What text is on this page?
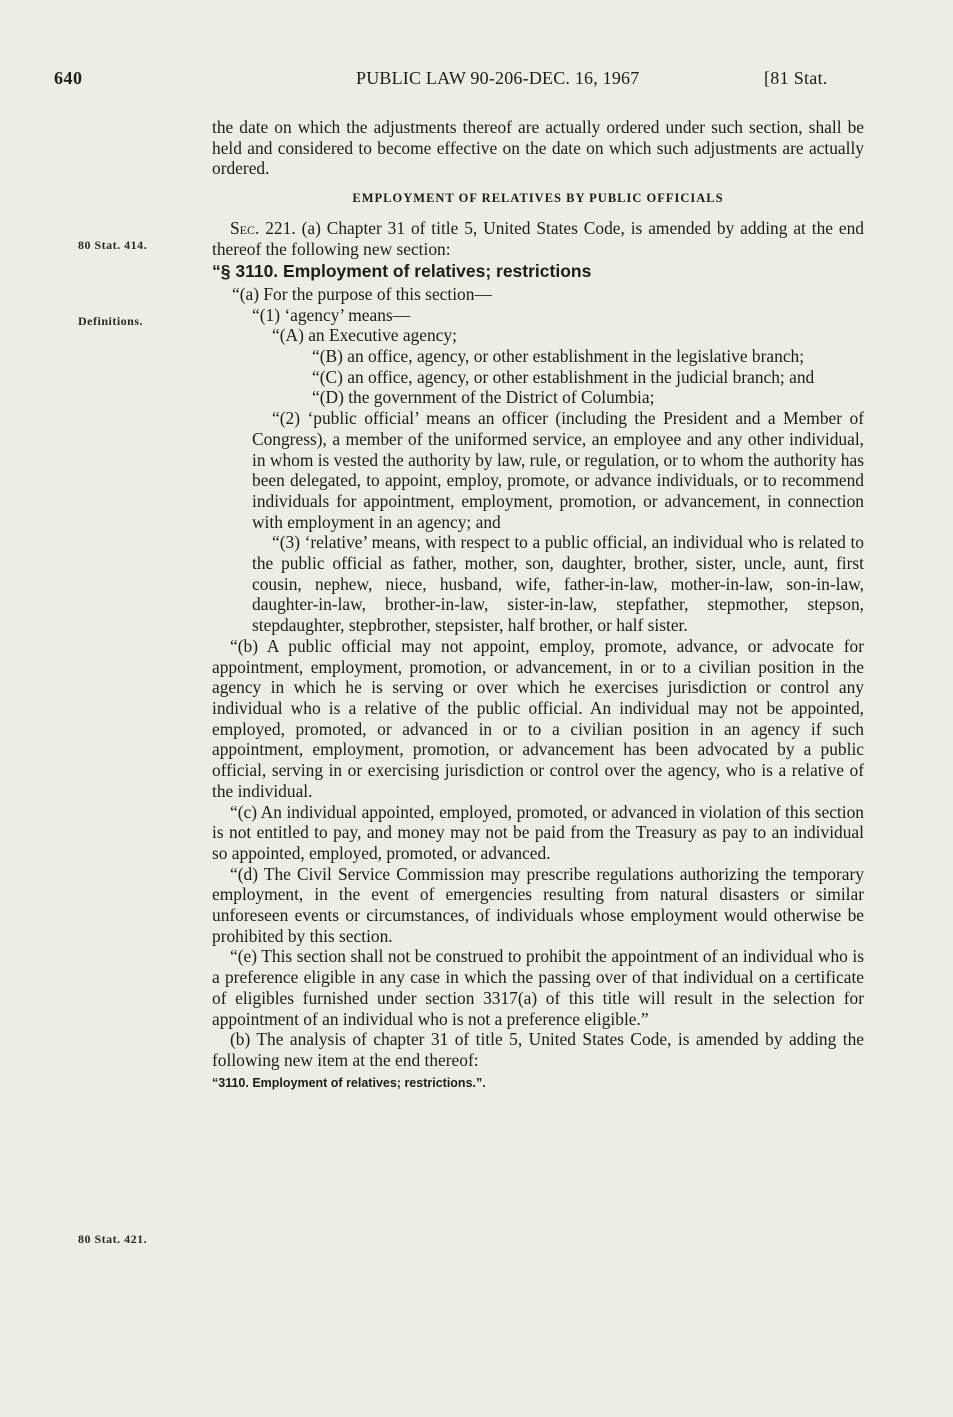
640	PUBLIC LAW 90-206-DEC. 16, 1967	[81 Stat.
80 Stat. 414.
Definitions.
80 Stat. 421.

the date on which the adjustments thereof are actually ordered under such section, shall be held and considered to become effective on the date on which such adjustments are actually ordered.

EMPLOYMENT OF RELATIVES BY PUBLIC OFFICIALS

Sec. 221. (a) Chapter 31 of title 5, United States Code, is amended by adding at the end thereof the following new section:

“§ 3110. Employment of relatives; restrictions

“(a) For the purpose of this section—

“(1) ‘agency’ means—

“(A) an Executive agency;

“(B) an office, agency, or other establishment in the legislative branch;

“(C) an office, agency, or other establishment in the judicial branch; and

“(D) the government of the District of Columbia;

“(2) ‘public official’ means an officer (including the President and a Member of Congress), a member of the uniformed service, an employee and any other individual, in whom is vested the authority by law, rule, or regulation, or to whom the authority has been delegated, to appoint, employ, promote, or advance individuals, or to recommend individuals for appointment, employment, promotion, or advancement, in connection with employment in an agency; and

“(3) ‘relative’ means, with respect to a public official, an individual who is related to the public official as father, mother, son, daughter, brother, sister, uncle, aunt, first cousin, nephew, niece, husband, wife, father-in-law, mother-in-law, son-in-law, daughter-in-law, brother-in-law, sister-in-law, stepfather, stepmother, stepson, stepdaughter, stepbrother, stepsister, half brother, or half sister.

“(b) A public official may not appoint, employ, promote, advance, or advocate for appointment, employment, promotion, or advancement, in or to a civilian position in the agency in which he is serving or over which he exercises jurisdiction or control any individual who is a relative of the public official. An individual may not be appointed, employed, promoted, or advanced in or to a civilian position in an agency if such appointment, employment, promotion, or advancement has been advocated by a public official, serving in or exercising jurisdiction or control over the agency, who is a relative of the individual.

“(c) An individual appointed, employed, promoted, or advanced in violation of this section is not entitled to pay, and money may not be paid from the Treasury as pay to an individual so appointed, employed, promoted, or advanced.

“(d) The Civil Service Commission may prescribe regulations authorizing the temporary employment, in the event of emergencies resulting from natural disasters or similar unforeseen events or circumstances, of individuals whose employment would otherwise be prohibited by this section.

“(e) This section shall not be construed to prohibit the appointment of an individual who is a preference eligible in any case in which the passing over of that individual on a certificate of eligibles furnished under section 3317(a) of this title will result in the selection for appointment of an individual who is not a preference eligible.”

(b) The analysis of chapter 31 of title 5, United States Code, is amended by adding the following new item at the end thereof:

“3110. Employment of relatives; restrictions.”.
